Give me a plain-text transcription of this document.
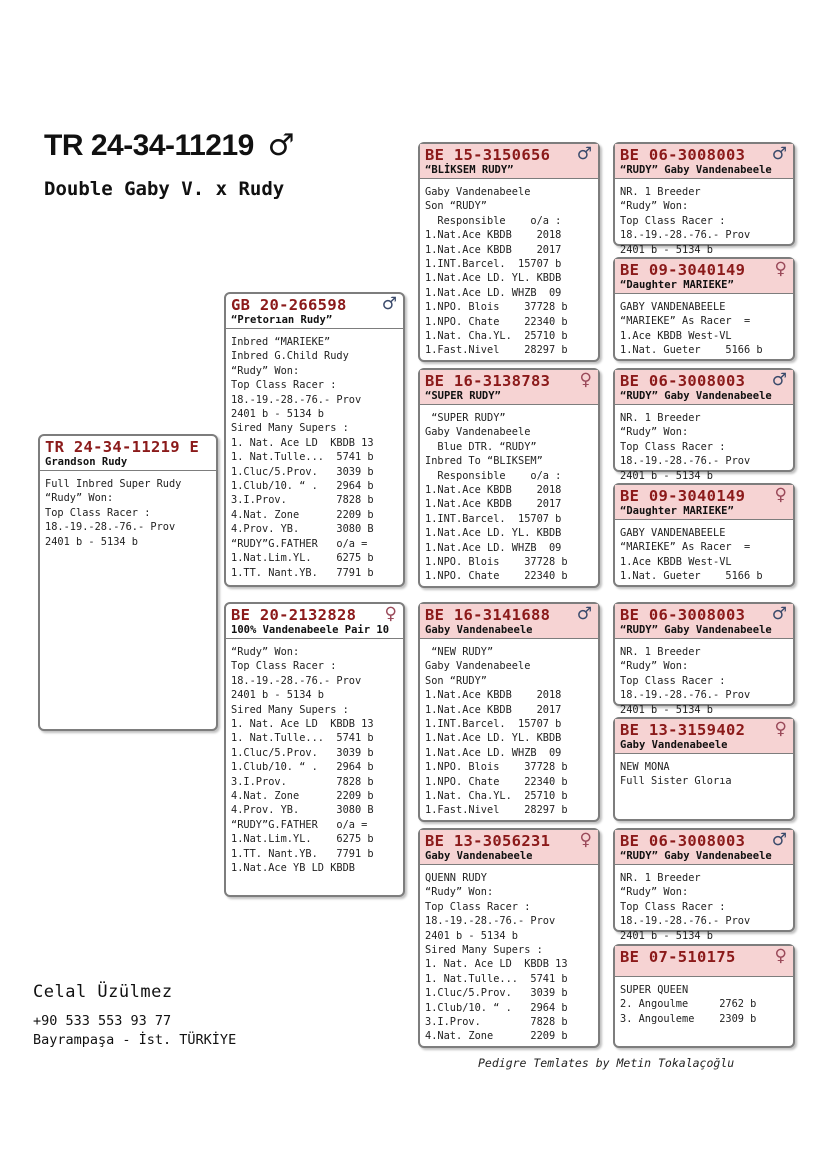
TR 24-34-11219 ♂
Double Gaby V. x Rudy
TR 24-34-11219 E
Grandson Rudy
Full Inbred Super Rudy
“Rudy” Won:
Top Class Racer :
18.-19.-28.-76.- Prov
2401 b - 5134 b
GB 20-266598
“Pretorıan Rudy”
♂
Inbred “MARIEKE”
Inbred G.Child Rudy
“Rudy” Won:
Top Class Racer :
18.-19.-28.-76.- Prov
2401 b - 5134 b
Sired Many Supers :
1. Nat. Ace LD  KBDB 13
1. Nat.Tulle...  5741 b
1.Cluc/5.Prov.   3039 b
1.Club/10. “ .   2964 b
3.I.Prov.        7828 b
4.Nat. Zone      2209 b
4.Prov. YB.      3080 B
“RUDY”G.FATHER   o/a =
1.Nat.Lim.YL.    6275 b
1.TT. Nant.YB.   7791 b
BE 20-2132828
100% Vandenabeele Pair 10
♀
“Rudy” Won:
Top Class Racer :
18.-19.-28.-76.- Prov
2401 b - 5134 b
Sired Many Supers :
1. Nat. Ace LD  KBDB 13
1. Nat.Tulle...  5741 b
1.Cluc/5.Prov.   3039 b
1.Club/10. “ .   2964 b
3.I.Prov.        7828 b
4.Nat. Zone      2209 b
4.Prov. YB.      3080 B
“RUDY”G.FATHER   o/a =
1.Nat.Lim.YL.    6275 b
1.TT. Nant.YB.   7791 b
1.Nat.Ace YB LD KBDB
BE 15-3150656
“BLİKSEM RUDY”
♂
Gaby Vandenabeele
Son “RUDY”
Responsible    o/a :
1.Nat.Ace KBDB    2018
1.Nat.Ace KBDB    2017
1.INT.Barcel.  15707 b
1.Nat.Ace LD. YL. KBDB
1.Nat.Ace LD. WHZB  09
1.NPO. Blois    37728 b
1.NPO. Chate    22340 b
1.Nat. Cha.YL.  25710 b
1.Fast.Nivel    28297 b
BE 16-3138783
“SUPER RUDY”
♀
“SUPER RUDY”
Gaby Vandenabeele
Blue DTR. “RUDY”
Inbred To “BLIKSEM”
Responsible    o/a :
1.Nat.Ace KBDB    2018
1.Nat.Ace KBDB    2017
1.INT.Barcel.  15707 b
1.Nat.Ace LD. YL. KBDB
1.Nat.Ace LD. WHZB  09
1.NPO. Blois    37728 b
1.NPO. Chate    22340 b
BE 16-3141688
Gaby Vandenabeele
♂
“NEW RUDY”
Gaby Vandenabeele
Son “RUDY”
1.Nat.Ace KBDB    2018
1.Nat.Ace KBDB    2017
1.INT.Barcel.  15707 b
1.Nat.Ace LD. YL. KBDB
1.Nat.Ace LD. WHZB  09
1.NPO. Blois    37728 b
1.NPO. Chate    22340 b
1.Nat. Cha.YL.  25710 b
1.Fast.Nivel    28297 b
BE 13-3056231
Gaby Vandenabeele
♀
QUENN RUDY
“Rudy” Won:
Top Class Racer :
18.-19.-28.-76.- Prov
2401 b - 5134 b
Sired Many Supers :
1. Nat. Ace LD  KBDB 13
1. Nat.Tulle...  5741 b
1.Cluc/5.Prov.   3039 b
1.Club/10. “ .   2964 b
3.I.Prov.        7828 b
4.Nat. Zone      2209 b
BE 06-3008003
“RUDY” Gaby Vandenabeele
♂
NR. 1 Breeder
“Rudy” Won:
Top Class Racer :
18.-19.-28.-76.- Prov
2401 b - 5134 b
BE 09-3040149
“Daughter MARIEKE”
♀
GABY VANDENABEELE
“MARIEKE” As Racer  =
1.Ace KBDB West-VL
1.Nat. Gueter    5166 b
BE 06-3008003
“RUDY” Gaby Vandenabeele
♂
NR. 1 Breeder
“Rudy” Won:
Top Class Racer :
18.-19.-28.-76.- Prov
2401 b - 5134 b
BE 09-3040149
“Daughter MARIEKE”
♀
GABY VANDENABEELE
“MARIEKE” As Racer  =
1.Ace KBDB West-VL
1.Nat. Gueter    5166 b
BE 06-3008003
“RUDY” Gaby Vandenabeele
♂
NR. 1 Breeder
“Rudy” Won:
Top Class Racer :
18.-19.-28.-76.- Prov
2401 b - 5134 b
BE 13-3159402
Gaby Vandenabeele
♀
NEW MONA
Full Sister Glorıa
BE 06-3008003
“RUDY” Gaby Vandenabeele
♂
NR. 1 Breeder
“Rudy” Won:
Top Class Racer :
18.-19.-28.-76.- Prov
2401 b - 5134 b
BE 07-510175	♀
SUPER QUEEN
2. Angoulme     2762 b
3. Angouleme    2309 b
Celal Üzülmez
+90 533 553 93 77
Bayrampaşa - İst. TÜRKİYE
Pedigre Temlates by Metin Tokalaçoğlu
